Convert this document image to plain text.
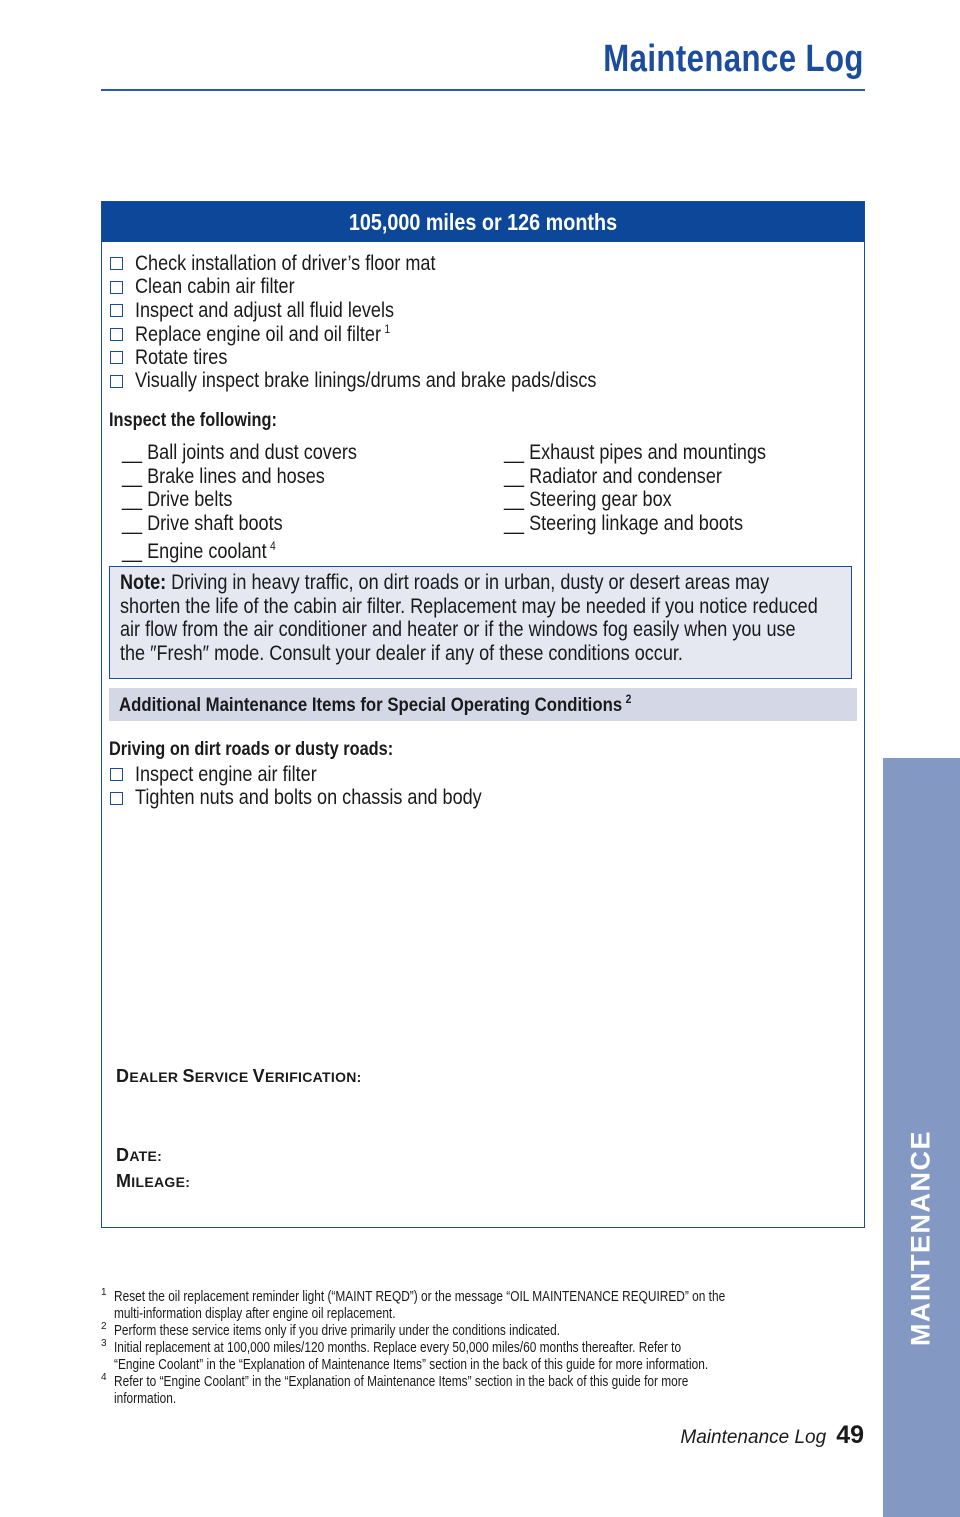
Maintenance Log
105,000 miles or 126 months
Check installation of driver’s floor mat
Clean cabin air filter
Inspect and adjust all fluid levels
Replace engine oil and oil filter $^1$
Rotate tires
Visually inspect brake linings/drums and brake pads/discs
Inspect the following:
__ Ball joints and dust covers
__ Brake lines and hoses
__ Drive belts
__ Drive shaft boots
__ Engine coolant $^4$
__ Exhaust pipes and mountings
__ Radiator and condenser
__ Steering gear box
__ Steering linkage and boots
Note: Driving in heavy traffic, on dirt roads or in urban, dusty or desert areas may
shorten the life of the cabin air filter. Replacement may be needed if you notice reduced
air flow from the air conditioner and heater or if the windows fog easily when you use
the ″Fresh″ mode. Consult your dealer if any of these conditions occur.
Additional Maintenance Items for Special Operating Conditions $^2$
Driving on dirt roads or dusty roads:
Inspect engine air filter
Tighten nuts and bolts on chassis and body
DEALER SERVICE VERIFICATION:
DATE:
MILEAGE:
1 Reset the oil replacement reminder light (“MAINT REQD”) or the message “OIL MAINTENANCE REQUIRED” on the
multi-information display after engine oil replacement.
2 Perform these service items only if you drive primarily under the conditions indicated.
3 Initial replacement at 100,000 miles/120 months. Replace every 50,000 miles/60 months thereafter. Refer to
“Engine Coolant” in the “Explanation of Maintenance Items” section in the back of this guide for more information.
4 Refer to “Engine Coolant” in the “Explanation of Maintenance Items” section in the back of this guide for more
information.
Maintenance Log 49
MAINTENANCE
